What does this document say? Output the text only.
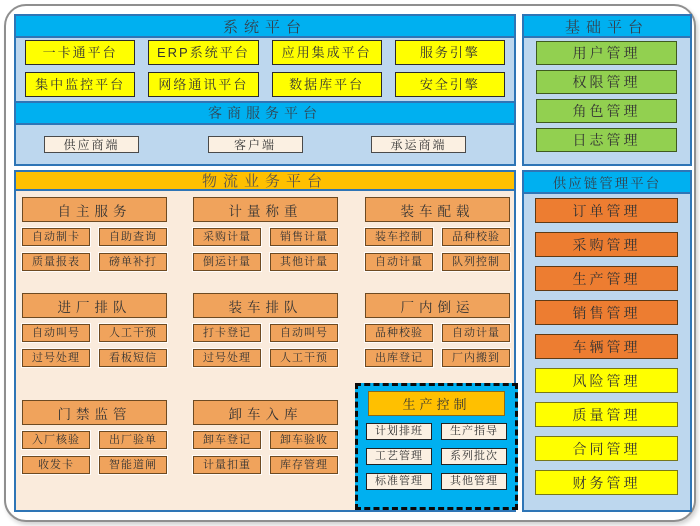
系统平台
一卡通平台	ERP系统平台	应用集成平台	服务引擎
集中监控平台	网络通讯平台	数据库平台	安全引擎
客商服务平台
供应商端	客户端	承运商端
基础平台
用户管理
权限管理
角色管理
日志管理
物流业务平台
自主服务
自动制卡	自助查询
质量报表	磅单补打
计量称重
采购计量	销售计量
倒运计量	其他计量
装车配载
装车控制	品种校验
自动计量	队列控制
进厂排队
自动叫号	人工干预
过号处理	看板短信
装车排队
打卡登记	自动叫号
过号处理	人工干预
厂内倒运
品种校验	自动计量
出库登记	厂内搬到
门禁监管
入厂核验	出厂验单
收发卡	智能道闸
卸车入库
卸车登记	卸车验收
计量扣重	库存管理
生产控制
计划排班	生产指导
工艺管理	系列批次
标准管理	其他管理
供应链管理平台
订单管理
采购管理
生产管理
销售管理
车辆管理
风险管理
质量管理
合同管理
财务管理
